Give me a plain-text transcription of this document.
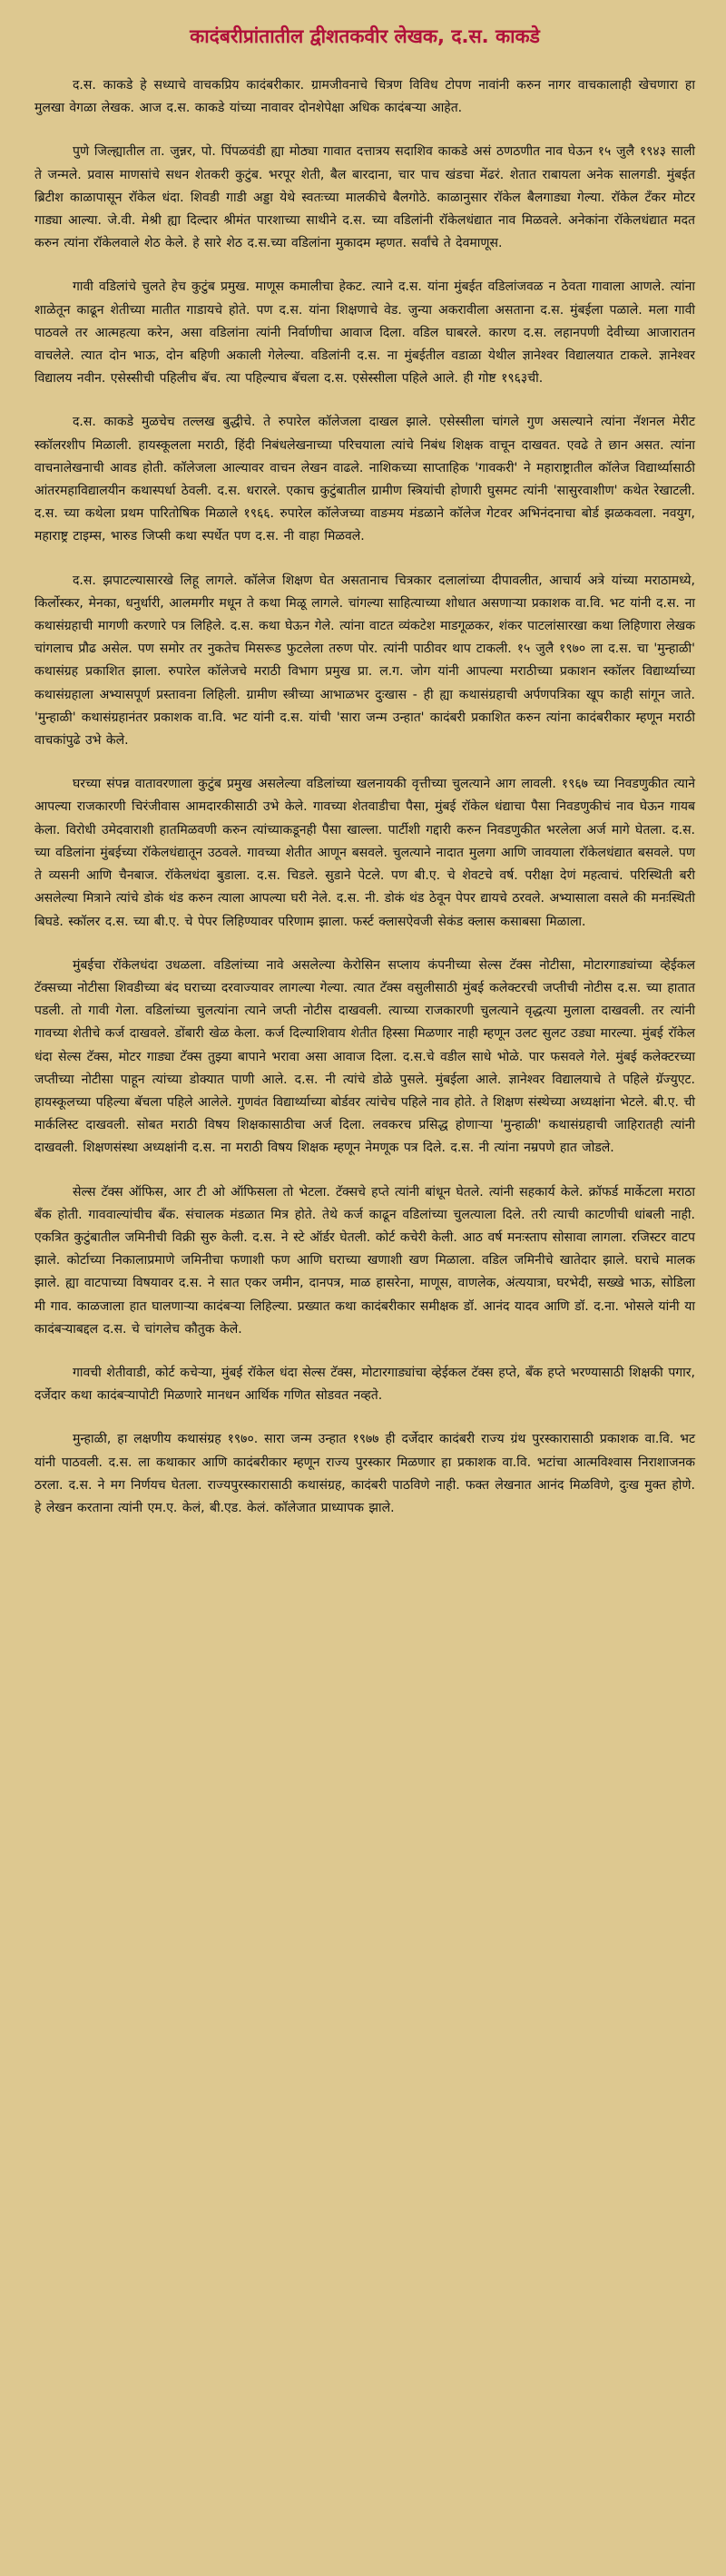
कादंबरीप्रांतातील द्वीशतकवीर लेखक, द.स. काकडे

द.स. काकडे हे सध्याचे वाचकप्रिय कादंबरीकार. ग्रामजीवनाचे चित्रण विविध टोपण नावांनी करुन नागर वाचकालाही खेचणारा हा मुलखा वेगळा लेखक. आज द.स. काकडे यांच्या नावावर दोनशेपेक्षा अधिक कादंबऱ्या आहेत.

पुणे जिल्ह्यातील ता. जुन्नर, पो. पिंपळवंडी ह्या मोठ्या गावात दत्तात्रय सदाशिव काकडे असं ठणठणीत नाव घेऊन १५ जुलै १९४३ साली ते जन्मले. प्रवास माणसांचे सधन शेतकरी कुटुंब. भरपूर शेती, बैल बारदाना, चार पाच खंडचा मेंढरं. शेतात राबायला अनेक सालगडी. मुंबईत ब्रिटीश काळापासून रॉकेल धंदा. शिवडी गाडी अड्डा येथे स्वतःच्या मालकीचे बैलगोठे. काळानुसार रॉकेल बैलगाड्या गेल्या. रॉकेल टँकर मोटर गाड्या आल्या. जे.वी. मेश्री ह्या दिल्दार श्रीमंत पारशाच्या साथीने द.स. च्या वडिलांनी रॉकेलधंद्यात नाव मिळवले. अनेकांना रॉकेलधंद्यात मदत करुन त्यांना रॉकेलवाले शेठ केले. हे सारे शेठ द.स.च्या वडिलांना मुकादम म्हणत. सर्वांचे ते देवमाणूस.

गावी वडिलांचे चुलते हेच कुटुंब प्रमुख. माणूस कमालीचा हेकट. त्याने द.स. यांना मुंबईत वडिलांजवळ न ठेवता गावाला आणले. त्यांना शाळेतून काढून शेतीच्या मातीत गाडायचे होते. पण द.स. यांना शिक्षणाचे वेड. जुन्या अकरावीला असताना द.स. मुंबईला पळाले. मला गावी पाठवले तर आत्महत्या करेन, असा वडिलांना त्यांनी निर्वाणीचा आवाज दिला. वडिल घाबरले. कारण द.स. लहानपणी देवीच्या आजारातन वाचलेले. त्यात दोन भाऊ, दोन बहिणी अकाली गेलेल्या. वडिलांनी द.स. ना मुंबईतील वडाळा येथील ज्ञानेश्वर विद्यालयात टाकले. ज्ञानेश्वर विद्यालय नवीन. एसेस्सीची पहिलीच बॅच. त्या पहिल्याच बॅचला द.स. एसेस्सीला पहिले आले. ही गोष्ट १९६३ची.

द.स. काकडे मुळचेच तल्लख बुद्धीचे. ते रुपारेल कॉलेजला दाखल झाले. एसेस्सीला चांगले गुण असल्याने त्यांना नॅशनल मेरीट स्कॉलरशीप मिळाली. हायस्कूलला मराठी, हिंदी निबंधलेखनाच्या परिचयाला त्यांचे निबंध शिक्षक वाचून दाखवत. एवढे ते छान असत. त्यांना वाचनालेखनाची आवड होती. कॉलेजला आल्यावर वाचन लेखन वाढले. नाशिकच्या साप्ताहिक 'गावकरी' ने महाराष्ट्रातील कॉलेज विद्यार्थ्यासाठी आंतरमहाविद्यालयीन कथास्पर्धा ठेवली. द.स. धरारले. एकाच कुटुंबातील ग्रामीण स्त्रियांची होणारी घुसमट त्यांनी 'सासुरवाशीण' कथेत रेखाटली. द.स. च्या कथेला प्रथम पारितोषिक मिळाले १९६६. रुपारेल कॉलेजच्या वाङमय मंडळाने कॉलेज गेटवर अभिनंदनाचा बोर्ड झळकवला. नवयुग, महाराष्ट्र टाइम्स, भारुड जिप्सी कथा स्पर्धेत पण द.स. नी वाहा मिळवले.

द.स. झपाटल्यासारखे लिहू लागले. कॉलेज शिक्षण घेत असतानाच चित्रकार दलालांच्या दीपावलीत, आचार्य अत्रे यांच्या मराठामध्ये, किर्लोस्कर, मेनका, धनुर्धारी, आलमगीर मधून ते कथा मिळू लागले. चांगल्या साहित्याच्या शोधात असणाऱ्या प्रकाशक वा.वि. भट यांनी द.स. ना कथासंग्रहाची मागणी करणारे पत्र लिहिले. द.स. कथा घेऊन गेले. त्यांना वाटत व्यंकटेश माडगूळकर, शंकर पाटलांसारखा कथा लिहिणारा लेखक चांगलाच प्रौढ असेल. पण समोर तर नुकतेच मिसरूड फुटलेला तरुण पोर. त्यांनी पाठीवर थाप टाकली. १५ जुलै १९७० ला द.स. चा 'मुन्हाळी' कथासंग्रह प्रकाशित झाला. रुपारेल कॉलेजचे मराठी विभाग प्रमुख प्रा. ल.ग. जोग यांनी आपल्या मराठीच्या प्रकाशन स्कॉलर विद्यार्थ्याच्या कथासंग्रहाला अभ्यासपूर्ण प्रस्तावना लिहिली. ग्रामीण स्त्रीच्या आभाळभर दुःखास - ही ह्या कथासंग्रहाची अर्पणपत्रिका खूप काही सांगून जाते. 'मुन्हाळी' कथासंग्रहानंतर प्रकाशक वा.वि. भट यांनी द.स. यांची 'सारा जन्म उन्हात' कादंबरी प्रकाशित करुन त्यांना कादंबरीकार म्हणून मराठी वाचकांपुढे उभे केले.

घरच्या संपन्न वातावरणाला कुटुंब प्रमुख असलेल्या वडिलांच्या खलनायकी वृत्तीच्या चुलत्याने आग लावली. १९६७ च्या निवडणुकीत त्याने आपल्या राजकारणी चिरंजीवास आमदारकीसाठी उभे केले. गावच्या शेतवाडीचा पैसा, मुंबई रॉकेल धंद्याचा पैसा निवडणुकीचं नाव घेऊन गायब केला. विरोधी उमेदवाराशी हातमिळवणी करुन त्यांच्याकडूनही पैसा खाल्ला. पार्टीशी गद्दारी करुन निवडणुकीत भरलेला अर्ज मागे घेतला. द.स. च्या वडिलांना मुंबईच्या रॉकेलधंद्यातून उठवले. गावच्या शेतीत आणून बसवले. चुलत्याने नादात मुलगा आणि जावयाला रॉकेलधंद्यात बसवले. पण ते व्यसनी आणि चैनबाज. रॉकेलधंदा बुडाला. द.स. चिडले. सुडाने पेटले. पण बी.ए. चे शेवटचे वर्ष. परीक्षा देणं महत्वाचं. परिस्थिती बरी असलेल्या मित्राने त्यांचे डोकं थंड करुन त्याला आपल्या घरी नेले. द.स. नी. डोकं थंड ठेवून पेपर द्यायचे ठरवले. अभ्यासाला वसले की मनःस्थिती बिघडे. स्कॉलर द.स. च्या बी.ए. चे पेपर लिहिण्यावर परिणाम झाला. फर्स्ट क्लासऐवजी सेकंड क्लास कसाबसा मिळाला.

मुंबईचा रॉकेलधंदा उधळला. वडिलांच्या नावे असलेल्या केरोसिन सप्लाय कंपनीच्या सेल्स टॅक्स नोटीसा, मोटारगाड्यांच्या व्हेईकल टॅक्सच्या नोटीसा शिवडीच्या बंद घराच्या दरवाज्यावर लागल्या गेल्या. त्यात टॅक्स वसुलीसाठी मुंबई कलेक्टरची जप्तीची नोटीस द.स. च्या हातात पडली. तो गावी गेला. वडिलांच्या चुलत्यांना त्याने जप्ती नोटीस दाखवली. त्याच्या राजकारणी चुलत्याने वृद्धत्या मुलाला दाखवली. तर त्यांनी गावच्या शेतीचे कर्ज दाखवले. डोंबारी खेळ केला. कर्ज दिल्याशिवाय शेतीत हिस्सा मिळणार नाही म्हणून उलट सुलट उड्या मारल्या. मुंबई रॉकेल धंदा सेल्स टॅक्स, मोटर गाड्या टॅक्स तुझ्या बापाने भरावा असा आवाज दिला. द.स.चे वडील साधे भोळे. पार फसवले गेले. मुंबई कलेक्टरच्या जप्तीच्या नोटीसा पाहून त्यांच्या डोक्यात पाणी आले. द.स. नी त्यांचे डोळे पुसले. मुंबईला आले. ज्ञानेश्वर विद्यालयाचे ते पहिले ग्रॅज्युएट. हायस्कूलच्या पहिल्या बॅचला पहिले आलेले. गुणवंत विद्यार्थ्याच्या बोर्डवर त्यांचेच पहिले नाव होते. ते शिक्षण संस्थेच्या अध्यक्षांना भेटले. बी.ए. ची मार्कलिस्ट दाखवली. सोबत मराठी विषय शिक्षकासाठीचा अर्ज दिला. लवकरच प्रसिद्ध होणाऱ्या 'मुन्हाळी' कथासंग्रहाची जाहिरातही त्यांनी दाखवली. शिक्षणसंस्था अध्यक्षांनी द.स. ना मराठी विषय शिक्षक म्हणून नेमणूक पत्र दिले. द.स. नी त्यांना नम्रपणे हात जोडले.

सेल्स टॅक्स ऑफिस, आर टी ओ ऑफिसला तो भेटला. टॅक्सचे हप्ते त्यांनी बांधून घेतले. त्यांनी सहकार्य केले. क्रॉफर्ड मार्केटला मराठा बँक होती. गाववाल्यांचीच बँक. संचालक मंडळात मित्र होते. तेथे कर्ज काढून वडिलांच्या चुलत्याला दिले. तरी त्याची काटणीची धांबली नाही. एकत्रित कुटुंबातील जमिनीची विक्री सुरु केली. द.स. ने स्टे ऑर्डर घेतली. कोर्ट कचेरी केली. आठ वर्ष मनःस्ताप सोसावा लागला. रजिस्टर वाटप झाले. कोर्टाच्या निकालाप्रमाणे जमिनीचा फणाशी फण आणि घराच्या खणाशी खण मिळाला. वडिल जमिनीचे खातेदार झाले. घराचे मालक झाले. ह्या वाटपाच्या विषयावर द.स. ने सात एकर जमीन, दानपत्र, माळ हासरेना, माणूस, वाणलेक, अंत्ययात्रा, घरभेदी, सख्खे भाऊ, सोडिला मी गाव. काळजाला हात घालणाऱ्या कादंबऱ्या लिहिल्या. प्रख्यात कथा कादंबरीकार समीक्षक डॉ. आनंद यादव आणि डॉ. द.ना. भोसले यांनी या कादंबऱ्याबद्दल द.स. चे चांगलेच कौतुक केले.

गावची शेतीवाडी, कोर्ट कचेऱ्या, मुंबई रॉकेल धंदा सेल्स टॅक्स, मोटारगाड्यांचा व्हेईकल टॅक्स हप्ते, बँक हप्ते भरण्यासाठी शिक्षकी पगार, दर्जेदार कथा कादंबऱ्यापोटी मिळणारे मानधन आर्थिक गणित सोडवत नव्हते.

मुन्हाळी, हा लक्षणीय कथासंग्रह १९७०. सारा जन्म उन्हात १९७७ ही दर्जेदार कादंबरी राज्य ग्रंथ पुरस्कारासाठी प्रकाशक वा.वि. भट यांनी पाठवली. द.स. ला कथाकार आणि कादंबरीकार म्हणून राज्य पुरस्कार मिळणार हा प्रकाशक वा.वि. भटांचा आत्मविश्वास निराशाजनक ठरला. द.स. ने मग निर्णयच घेतला. राज्यपुरस्कारासाठी कथासंग्रह, कादंबरी पाठविणे नाही. फक्त लेखनात आनंद मिळविणे, दुःख मुक्त होणे. हे लेखन करताना त्यांनी एम.ए. केलं, बी.एड. केलं. कॉलेजात प्राध्यापक झाले.
